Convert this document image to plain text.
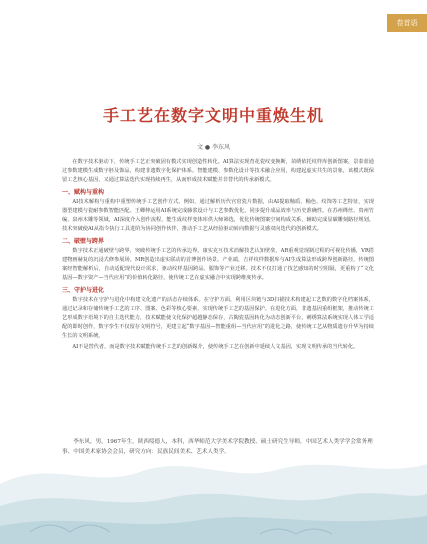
卷首语
手工艺在数字文明中重焕生机
文 ● 李东风

在数字技术驱动下，传统手工艺正突破固有模式实现创造性转化。AI算法实现育花瓷纹变换断，苗绣依托纹样库创新图案，景泰蓝通过参数建模生成数字胚及饰品，构建非遗数字化保护体系。智能建模、参数化设计等技术融合应用，构建起虚实共生的景象，该模式既保留工艺核心基因，又通过算法迭代实现持续再生，从而形成技术赋能并非替代的传承新模式。

一、赋构与重构

AI技术解构与重构中重塑传统手工艺创作方式。例如，通过解析历代官窑瓷片数据，由AI提取釉质、釉色、纹饰等工艺特征，实现器型建模与瓷耐参数智能匹配。王卿伸运用AI系统完成藤浆设计与工艺参数优化，同步提升成品效率与历史准确性。在苏州缂丝、贵州竹编、泉州木雕等领域，AI深度介入创作流程，能生成纹样变体库供大师筛选，优化传统图案空间构成关系，辅助完成显碳雕刻路径规划。技术突破使AI从指令执行工具进阶为协同创作伙伴，推动手工艺从经验驱动转向数据与灵感双向迭代的创新模式。

二、破壁与跨界

数字技术正通破壁与跨界，突破传统手工艺的传承边界。康实克互技术消解技艺认知壁垒，AR重观觉现制过程的可视化传播，VR搭建物画赫复的沉浸式修参展场。MR创造出虚实联动的首博创作场景。产业端，吉祥纹样数据库与AI生成算法形成跨界创新路径，传统图案经智能解析后，自动适配现代设计需求，驱动纹样基因跨品、服饰等产业迁移。技术不仅打通了技艺感知的时空阻隔，更重构了“文化基因—数字资产—当代应用”的价值转化路径，使传统工艺在虚实融合中实现跨维度传承。

三、守护与进化

数字技术在守护与进化中构建文化遗产的活态存续体系。在守护方面，利用区块链与3D扫描技术构建起工艺数的数字化档案体系，通过记录和存储传统手工艺的工序、图案、色彩等核心要素，实现传统手工艺的基因保护。在进化方面，非遗基因重组框架，推动传统工艺形成数字语境下的自主迭代能力，技术赋能使文化保护超越静态保存，古陶瓷基因转化为动态创新平台，刺绣算法系统实现人体工学适配的即时创作，数字孪生不仅留存文明符号，更建立起“数字基因—智能重组—当代应用”的进化之路，使传统工艺从物质遗存升华为持续生长的文明系统。

AI不是替代者，而是数字技术赋能传统手工艺的创新媒介，使传统手工艺在创新中延续人文基因，实现文明传承的当代转化。

李东风，男，1967年生，陕西绥德人，本科，西华师范大学美术学院教授、硕士研究生导师，中国艺术人类学学会常务理事、中国美术家协会会员，研究方向：民族民间美术、艺术人类学。
